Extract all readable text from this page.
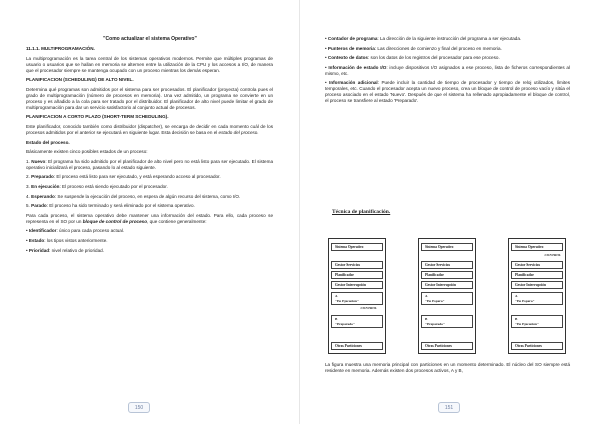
"Como actualizar el sistema Operativo"
150

11.1.1. MULTIPROGRAMACIÓN.

La multiprogramación es la tarea central de los sistemas operativos modernos. Permite que múltiples programas de usuario o usuarios que se hallan en memoria se alternen entre la utilización de la CPU y los accesos a I/O, de manera que el procesador siempre se mantenga ocupado con un proceso mientras los demás esperan.

PLANIFICACION (SCHEDULING) DE ALTO NIVEL.

Determina qué programas son admitidos por el sistema para ser procesados. El planificador (proyecta) controla pues el grado de multiprogramación (número de procesos en memoria). Una vez admitido, un programa se convierte en un proceso y es añadido a la cola para ser tratado por el distribuidor. El planificador de alto nivel puede limitar el grado de multiprogramación para dar un servicio satisfactorio al conjunto actual de procesos.

PLANIFICACION A CORTO PLAZO (SHORT-TERM SCHEDULING).

Este planificador, conocido también como distribuidor (dispatcher), se encarga de decidir en cada momento cuál de los procesos admitidos por el anterior se ejecutará en siguiente lugar. Esta decisión se basa en el estado del proceso.

Estado del proceso.

Básicamente existen cinco posibles estados de un proceso:

1. Nuevo: El programa ha sido admitido por el planificador de alto nivel pero no está listo para ser ejecutado. El sistema operativo inicializará el proceso, pasando lo al estado siguiente.

2. Preparado: El proceso está listo para ser ejecutado, y está esperando acceso al procesador.

3. En ejecución: El proceso está siendo ejecutado por el procesador.

4. Esperando: Se suspende la ejecución del proceso, en espera de algún recurso del sistema, como I/O.

5. Parado: El proceso ha sido terminado y será eliminado por el sistema operativo.

Para cada proceso, el sistema operativo debe mantener una información del estado. Para ello, cada proceso se representa en el SO por un bloque de control de proceso, que contiene generalmente:

• Identificador: único para cada proceso actual.

• Estado: los tipos vistos anteriormente.

• Prioridad: nivel relativo de prioridad.

151

• Contador de programa: La dirección de la siguiente instrucción del programa a ser ejecutada.

• Punteros de memoria: Las direcciones de comienzo y final del proceso en memoria.

• Contexto de datos: son los datos de los registros del procesador para ese proceso.

• Información de estado I/O: incluye dispositivos I/O asignados a ese proceso, lista de ficheros correspondientes al mismo, etc.

• Información adicional: Puede incluir la cantidad de tiempo de procesador y tiempo de reloj utilizados, límites temporales, etc. Cuando el procesador acepta un nuevo proceso, crea un bloque de control de proceso vacío y sitúa el proceso asociado en el estado 'Nuevo'. Después de que el sistema ha rellenado apropiadamente el bloque de control, el proceso se transfiere al estado 'Preparado'.

Técnica de planificación.
Sistema Operativo
Gestor Servicios
Planificador
Gestor Interrupción
A
"En Ejecución"
CONTROL
B
"Preparado"
Otras Particiones
Sistema Operativo
Gestor Servicios
Planificador
Gestor Interrupción
A
"En Espera"
B
"Preparado"
Otras Particiones
Sistema Operativo
CONTROL
Gestor Servicios
Planificador
Gestor Interrupción
A
"En Espera"
B
"En Ejecución"
Otras Particiones
La figura muestra una memoria principal con particiones en un momento determinado. El núcleo del SO siempre está residente en memoria. Además existen dos procesos activos, A y B,
